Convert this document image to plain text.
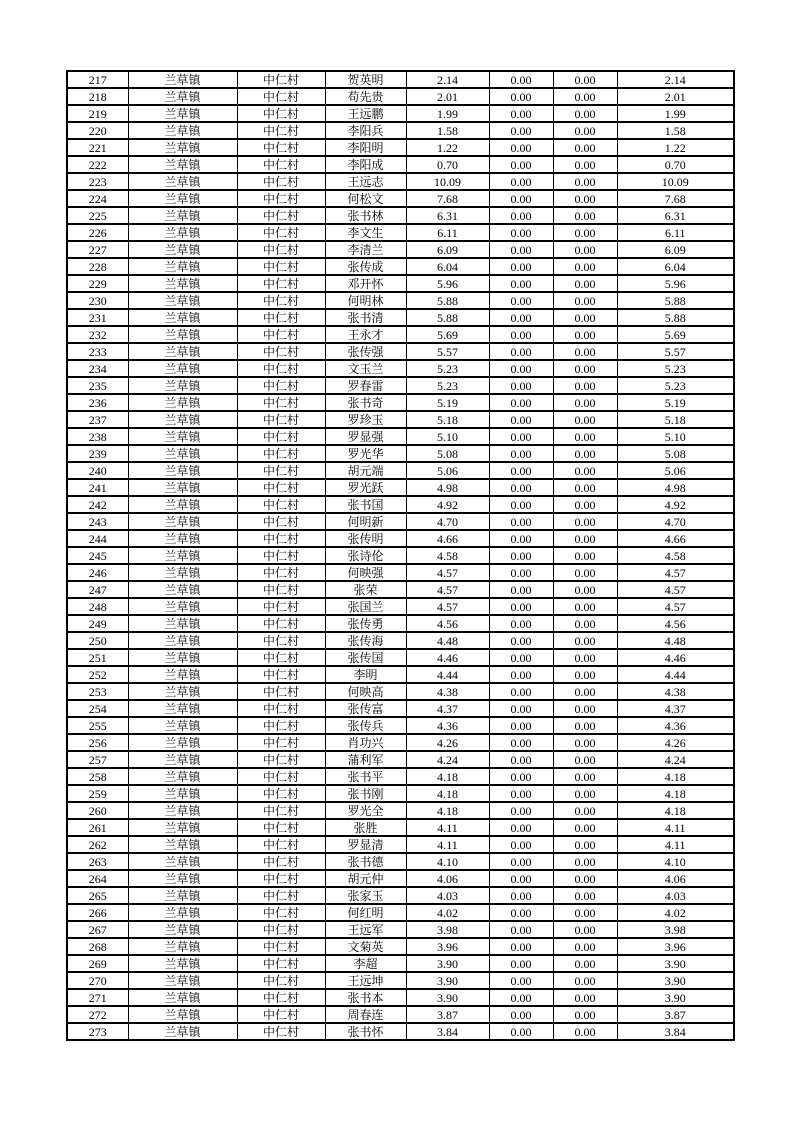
217	兰草镇	中仁村	贺英明	2.14	0.00	0.00	2.14
218	兰草镇	中仁村	苟先贵	2.01	0.00	0.00	2.01
219	兰草镇	中仁村	王远鹏	1.99	0.00	0.00	1.99
220	兰草镇	中仁村	李阳兵	1.58	0.00	0.00	1.58
221	兰草镇	中仁村	李阳明	1.22	0.00	0.00	1.22
222	兰草镇	中仁村	李阳成	0.70	0.00	0.00	0.70
223	兰草镇	中仁村	王远志	10.09	0.00	0.00	10.09
224	兰草镇	中仁村	何松文	7.68	0.00	0.00	7.68
225	兰草镇	中仁村	张书林	6.31	0.00	0.00	6.31
226	兰草镇	中仁村	李文生	6.11	0.00	0.00	6.11
227	兰草镇	中仁村	李清兰	6.09	0.00	0.00	6.09
228	兰草镇	中仁村	张传成	6.04	0.00	0.00	6.04
229	兰草镇	中仁村	邓开怀	5.96	0.00	0.00	5.96
230	兰草镇	中仁村	何明林	5.88	0.00	0.00	5.88
231	兰草镇	中仁村	张书清	5.88	0.00	0.00	5.88
232	兰草镇	中仁村	王永才	5.69	0.00	0.00	5.69
233	兰草镇	中仁村	张传强	5.57	0.00	0.00	5.57
234	兰草镇	中仁村	文玉兰	5.23	0.00	0.00	5.23
235	兰草镇	中仁村	罗春雷	5.23	0.00	0.00	5.23
236	兰草镇	中仁村	张书奇	5.19	0.00	0.00	5.19
237	兰草镇	中仁村	罗珍玉	5.18	0.00	0.00	5.18
238	兰草镇	中仁村	罗显强	5.10	0.00	0.00	5.10
239	兰草镇	中仁村	罗光华	5.08	0.00	0.00	5.08
240	兰草镇	中仁村	胡元端	5.06	0.00	0.00	5.06
241	兰草镇	中仁村	罗光跃	4.98	0.00	0.00	4.98
242	兰草镇	中仁村	张书国	4.92	0.00	0.00	4.92
243	兰草镇	中仁村	何明新	4.70	0.00	0.00	4.70
244	兰草镇	中仁村	张传明	4.66	0.00	0.00	4.66
245	兰草镇	中仁村	张诗伦	4.58	0.00	0.00	4.58
246	兰草镇	中仁村	何映强	4.57	0.00	0.00	4.57
247	兰草镇	中仁村	张荣	4.57	0.00	0.00	4.57
248	兰草镇	中仁村	张国兰	4.57	0.00	0.00	4.57
249	兰草镇	中仁村	张传勇	4.56	0.00	0.00	4.56
250	兰草镇	中仁村	张传海	4.48	0.00	0.00	4.48
251	兰草镇	中仁村	张传国	4.46	0.00	0.00	4.46
252	兰草镇	中仁村	李明	4.44	0.00	0.00	4.44
253	兰草镇	中仁村	何映高	4.38	0.00	0.00	4.38
254	兰草镇	中仁村	张传富	4.37	0.00	0.00	4.37
255	兰草镇	中仁村	张传兵	4.36	0.00	0.00	4.36
256	兰草镇	中仁村	肖功兴	4.26	0.00	0.00	4.26
257	兰草镇	中仁村	蒲利军	4.24	0.00	0.00	4.24
258	兰草镇	中仁村	张书平	4.18	0.00	0.00	4.18
259	兰草镇	中仁村	张书刚	4.18	0.00	0.00	4.18
260	兰草镇	中仁村	罗光全	4.18	0.00	0.00	4.18
261	兰草镇	中仁村	张胜	4.11	0.00	0.00	4.11
262	兰草镇	中仁村	罗显清	4.11	0.00	0.00	4.11
263	兰草镇	中仁村	张书德	4.10	0.00	0.00	4.10
264	兰草镇	中仁村	胡元仲	4.06	0.00	0.00	4.06
265	兰草镇	中仁村	张家玉	4.03	0.00	0.00	4.03
266	兰草镇	中仁村	何红明	4.02	0.00	0.00	4.02
267	兰草镇	中仁村	王远军	3.98	0.00	0.00	3.98
268	兰草镇	中仁村	文菊英	3.96	0.00	0.00	3.96
269	兰草镇	中仁村	李超	3.90	0.00	0.00	3.90
270	兰草镇	中仁村	王远坤	3.90	0.00	0.00	3.90
271	兰草镇	中仁村	张书本	3.90	0.00	0.00	3.90
272	兰草镇	中仁村	周春连	3.87	0.00	0.00	3.87
273	兰草镇	中仁村	张书怀	3.84	0.00	0.00	3.84
